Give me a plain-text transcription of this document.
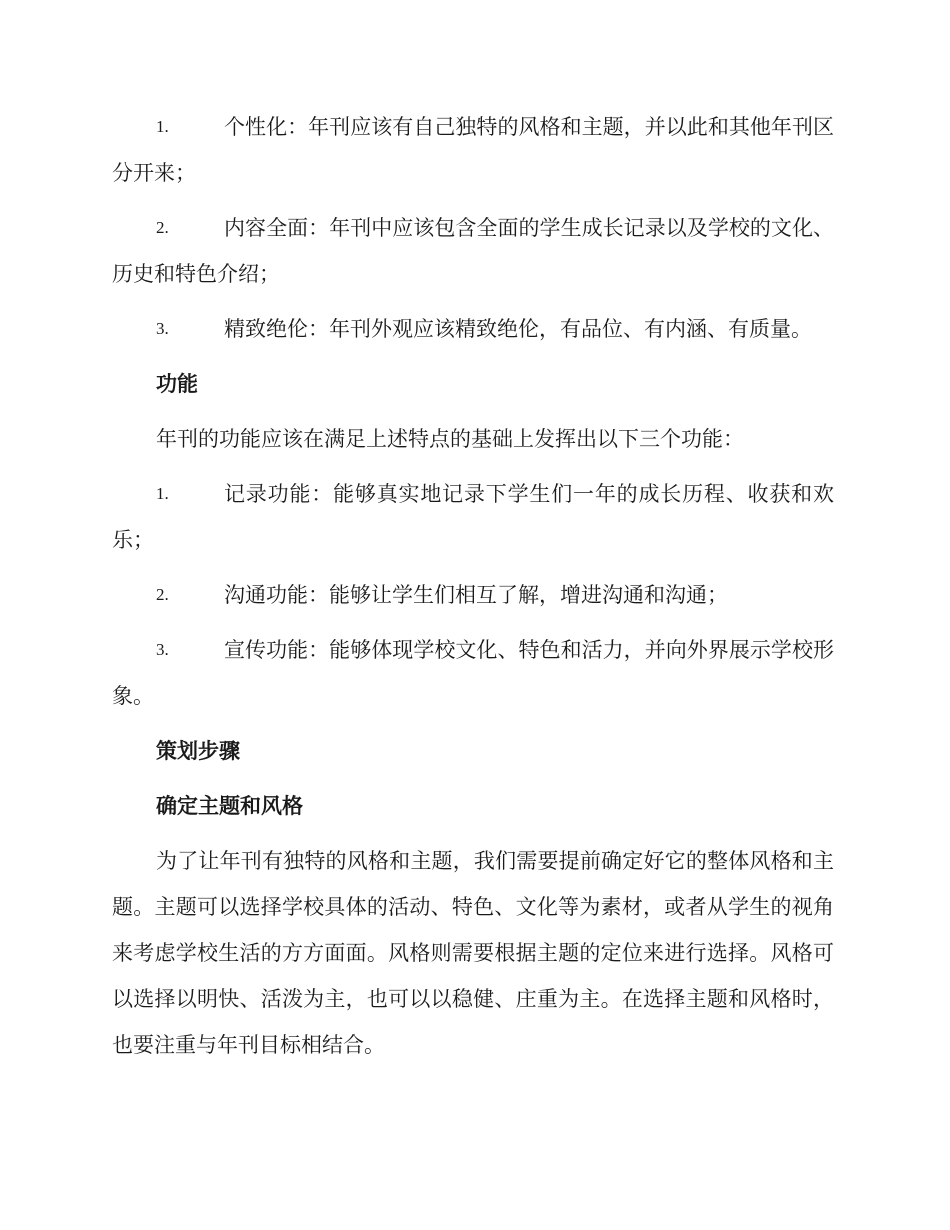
1.	个性化：年刊应该有自己独特的风格和主题，并以此和其他年刊区分开来；

2.	内容全面：年刊中应该包含全面的学生成长记录以及学校的文化、历史和特色介绍；

3.	精致绝伦：年刊外观应该精致绝伦，有品位、有内涵、有质量。

功能

年刊的功能应该在满足上述特点的基础上发挥出以下三个功能：

1.	记录功能：能够真实地记录下学生们一年的成长历程、收获和欢乐；

2.	沟通功能：能够让学生们相互了解，增进沟通和沟通；

3.	宣传功能：能够体现学校文化、特色和活力，并向外界展示学校形象。

策划步骤

确定主题和风格

为了让年刊有独特的风格和主题，我们需要提前确定好它的整体风格和主题。主题可以选择学校具体的活动、特色、文化等为素材，或者从学生的视角来考虑学校生活的方方面面。风格则需要根据主题的定位来进行选择。风格可以选择以明快、活泼为主，也可以以稳健、庄重为主。在选择主题和风格时，也要注重与年刊目标相结合。
